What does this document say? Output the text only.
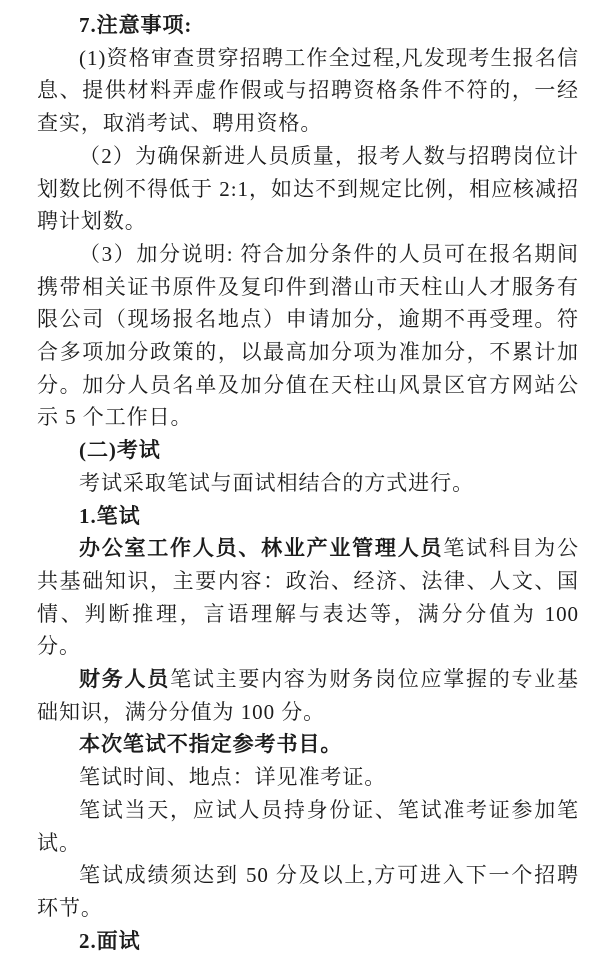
7.注意事项:

(1)资格审查贯穿招聘工作全过程,凡发现考生报名信息、提供材料弄虚作假或与招聘资格条件不符的，一经查实，取消考试、聘用资格。

（2）为确保新进人员质量，报考人数与招聘岗位计划数比例不得低于 2:1，如达不到规定比例，相应核减招聘计划数。

（3）加分说明: 符合加分条件的人员可在报名期间携带相关证书原件及复印件到潜山市天柱山人才服务有限公司（现场报名地点）申请加分，逾期不再受理。符合多项加分政策的，以最高加分项为准加分，不累计加分。加分人员名单及加分值在天柱山风景区官方网站公示 5 个工作日。

(二)考试

考试采取笔试与面试相结合的方式进行。

1.笔试

办公室工作人员、林业产业管理人员笔试科目为公共基础知识，主要内容：政治、经济、法律、人文、国情、判断推理，言语理解与表达等，满分分值为 100 分。

财务人员笔试主要内容为财务岗位应掌握的专业基础知识，满分分值为 100 分。

本次笔试不指定参考书目。

笔试时间、地点：详见准考证。

笔试当天，应试人员持身份证、笔试准考证参加笔试。

笔试成绩须达到 50 分及以上,方可进入下一个招聘环节。

2.面试
